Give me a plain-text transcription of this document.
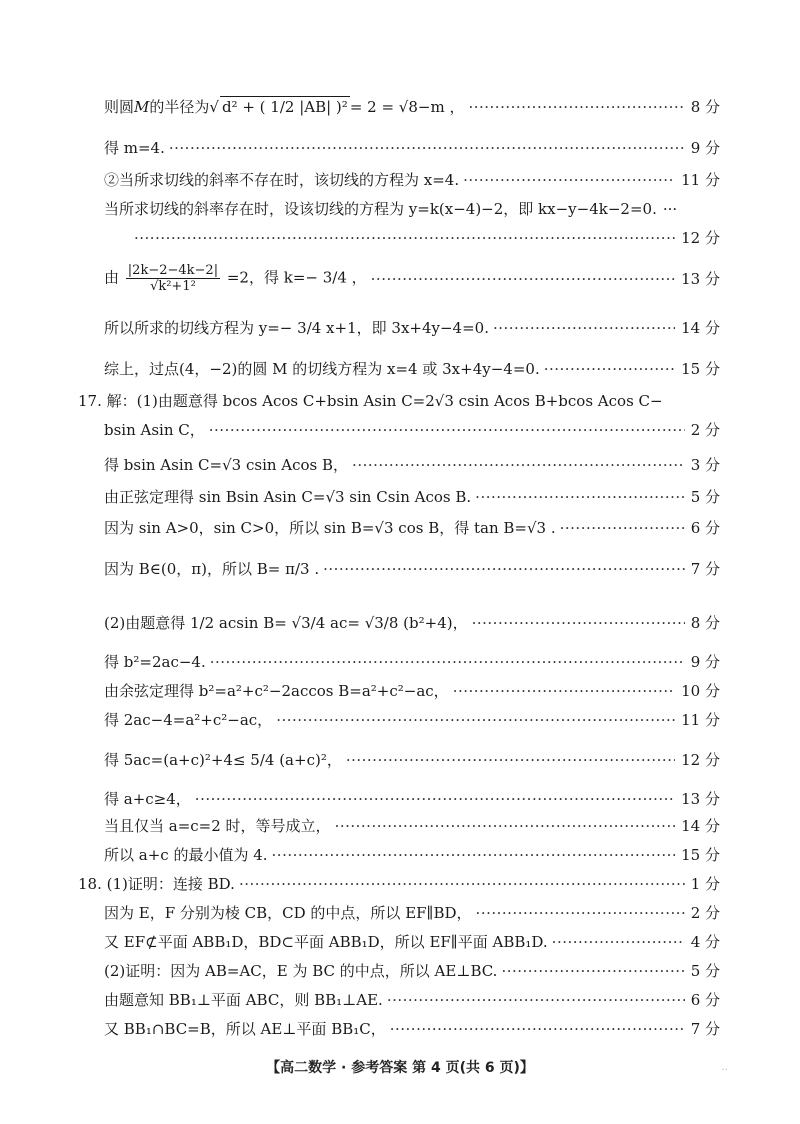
则圆M的半径为 √ d² + ( 1/2 |AB| )² = 2 = √8−m ， ·····	8 分
得 m=4. ·····	9 分
②当所求切线的斜率不存在时，该切线的方程为 x=4. ·····	11 分
当所求切线的斜率存在时，设该切线的方程为 y=k(x−4)−2，即 kx−y−4k−2=0. ···
·····
12 分
由 $\frac{|2k-2-4k-2|}{\text{√k²+1²}} =2$，得 k=− 3/4 ， ·····	13 分
所以所求的切线方程为 y=− 3/4 x+1，即 3x+4y−4=0. ·····	14 分
综上，过点(4，−2)的圆 M 的切线方程为 x=4 或 3x+4y−4=0. ·····	15 分
17. 解：(1)由题意得 bcos Acos C+bsin Asin C=2√3 csin Acos B+bcos Acos C−
bsin Asin C， ·····	2 分
得 bsin Asin C=√3 csin Acos B， ·····	3 分
由正弦定理得 sin Bsin Asin C=√3 sin Csin Acos B. ·····	5 分
因为 sin A>0，sin C>0，所以 sin B=√3 cos B，得 tan B=√3 . ·····	6 分
因为 B∈(0，π)，所以 B= π/3 . ·····	7 分
(2)由题意得 1/2 acsin B= √3/4 ac= √3/8 (b²+4)， ·····	8 分
得 b²=2ac−4. ·····	9 分
由余弦定理得 b²=a²+c²−2accos B=a²+c²−ac， ·····	10 分
得 2ac−4=a²+c²−ac， ·····	11 分
得 5ac=(a+c)²+4≤ 5/4 (a+c)²， ·····	12 分
得 a+c≥4， ·····	13 分
当且仅当 a=c=2 时，等号成立， ·····	14 分
所以 a+c 的最小值为 4. ·····	15 分
18. (1)证明：连接 BD. ·····	1 分
因为 E，F 分别为棱 CB，CD 的中点，所以 EF∥BD， ·····	2 分
又 EF⊄平面 ABB₁D，BD⊂平面 ABB₁D，所以 EF∥平面 ABB₁D. ·····	4 分
(2)证明：因为 AB=AC，E 为 BC 的中点，所以 AE⊥BC. ·····	5 分
由题意知 BB₁⊥平面 ABC，则 BB₁⊥AE. ·····	6 分
又 BB₁∩BC=B，所以 AE⊥平面 BB₁C， ·····	7 分
【高二数学 · 参考答案 第 4 页(共 6 页)】	‥
